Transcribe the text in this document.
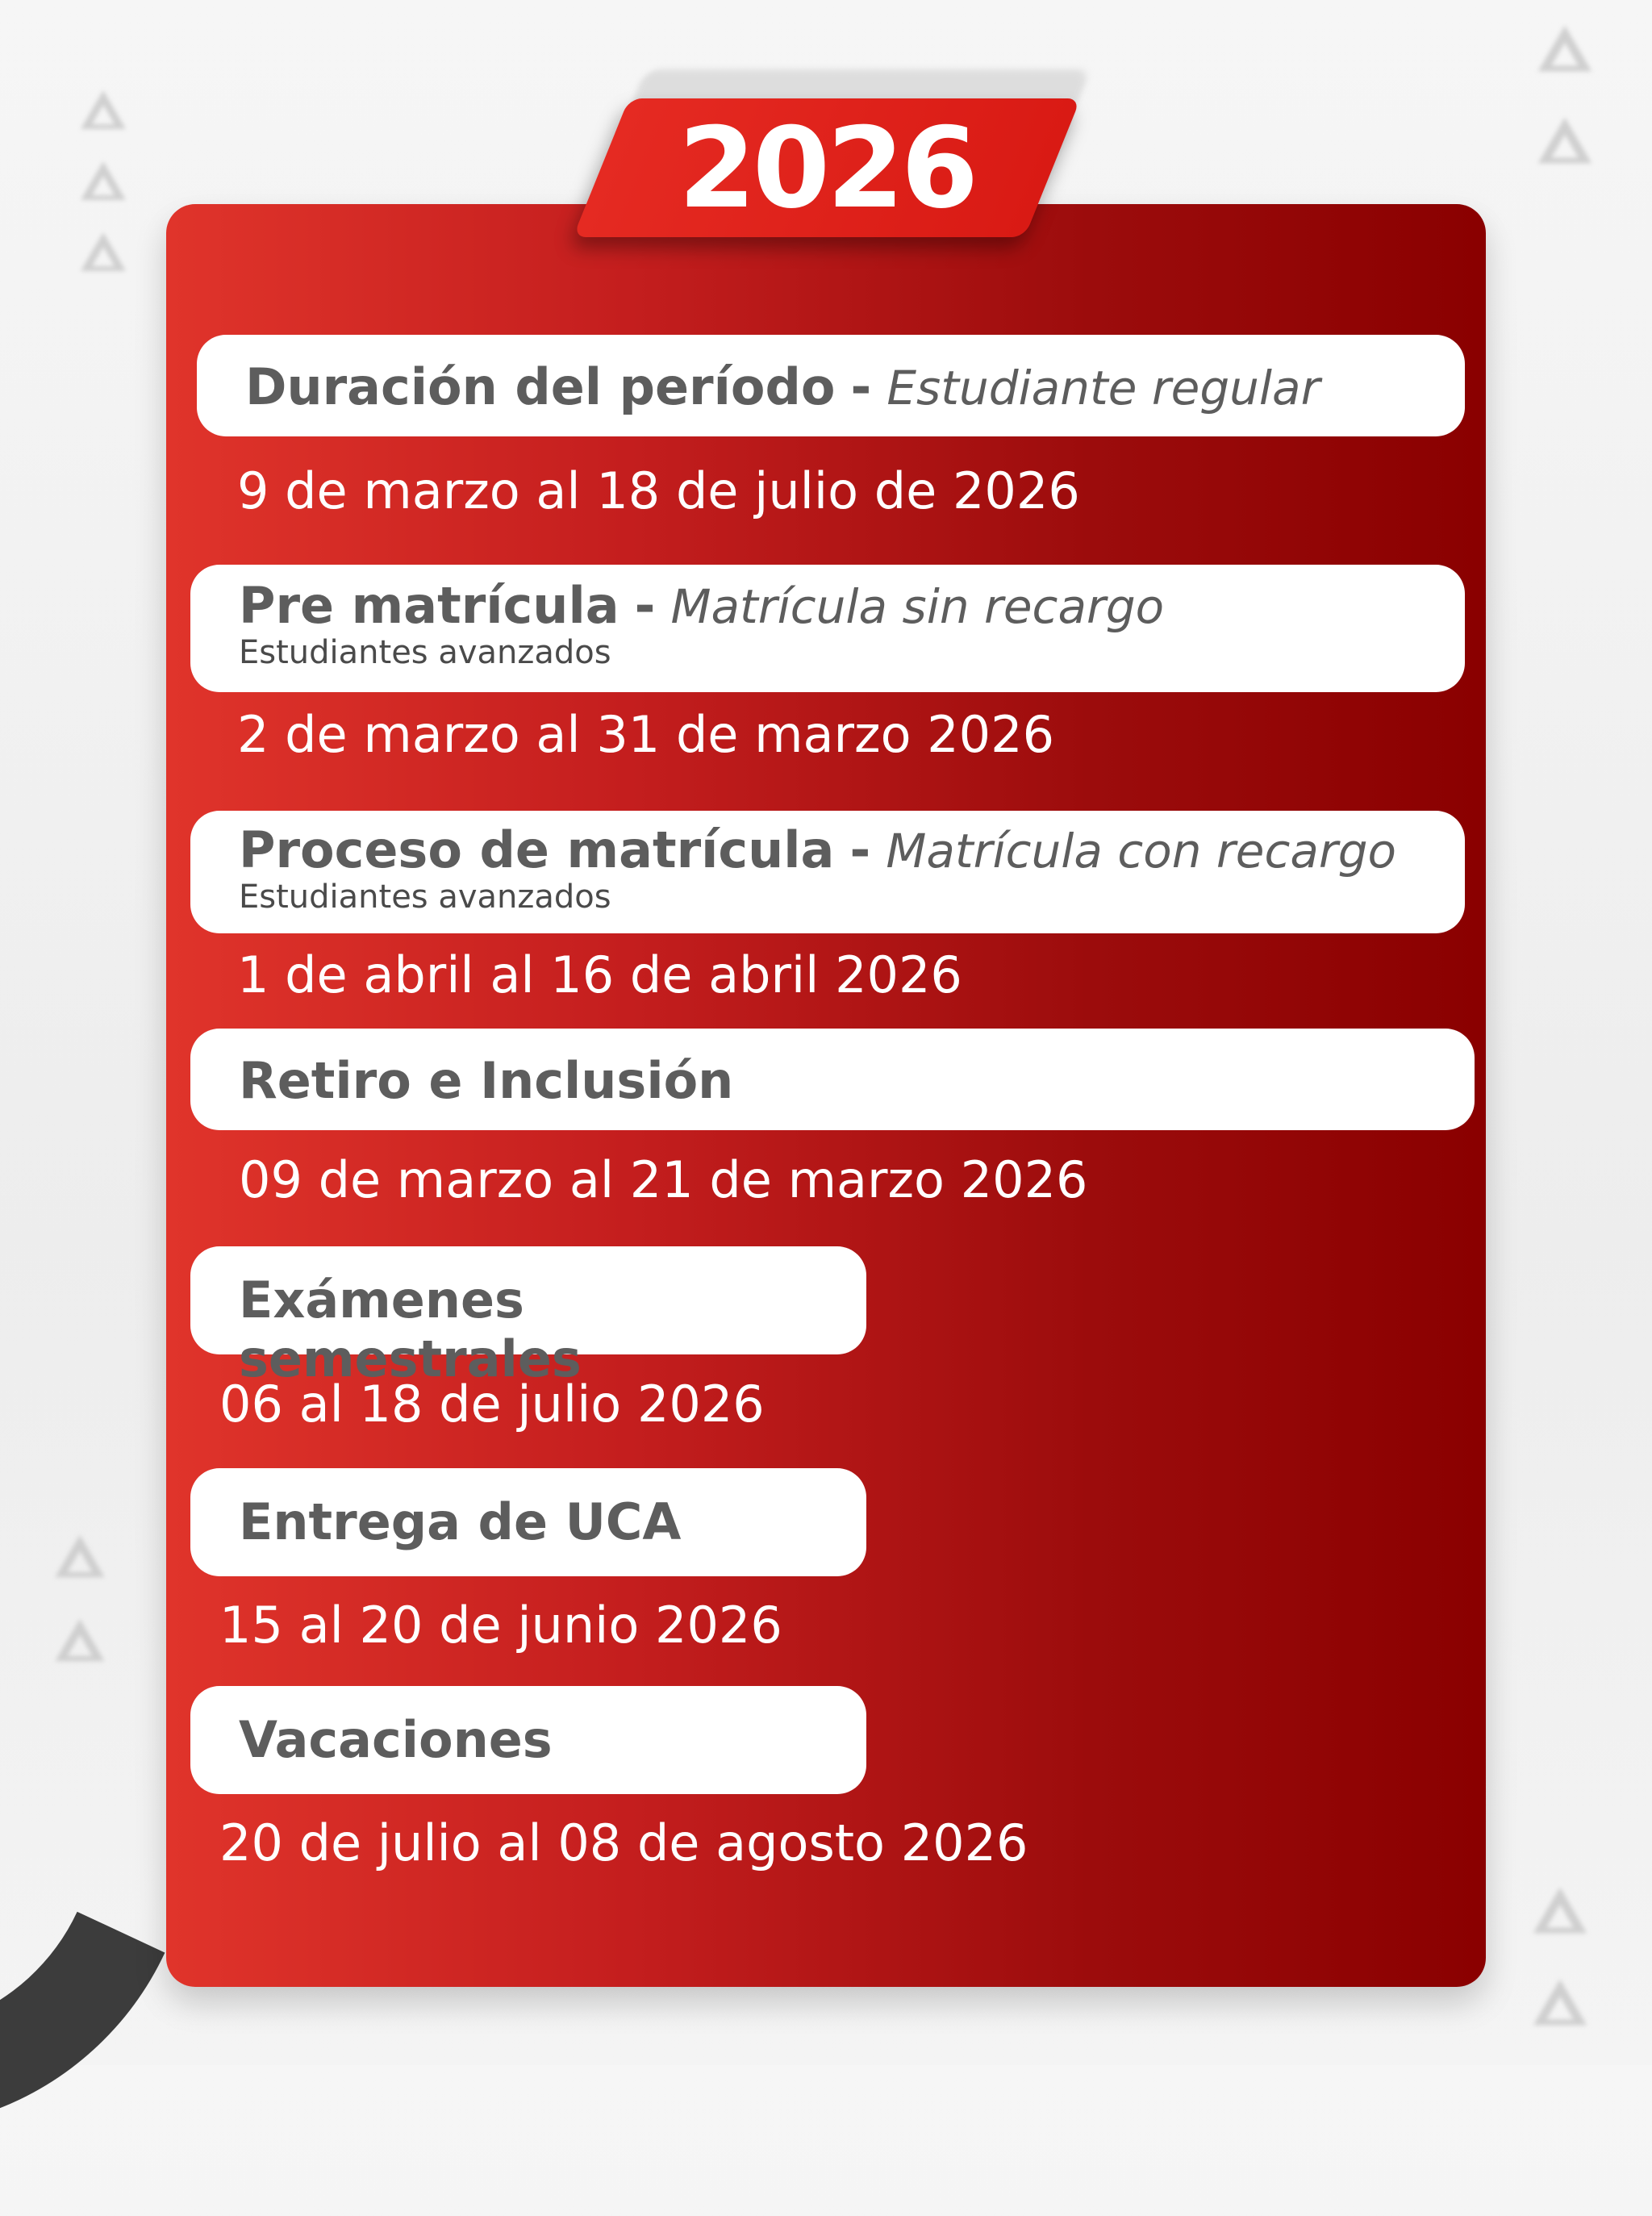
2026
Duración del período - Estudiante regular
9 de marzo al 18 de julio de 2026
Pre matrícula - Matrícula sin recargo
Estudiantes avanzados
2 de marzo al 31 de marzo 2026
Proceso de matrícula - Matrícula con recargo
Estudiantes avanzados
1 de abril al 16 de abril 2026
Retiro e Inclusión
09 de marzo al 21 de marzo 2026
Exámenes semestrales
06 al 18 de julio 2026
Entrega de UCA
15 al 20 de junio 2026
Vacaciones
20 de julio al 08 de agosto 2026
